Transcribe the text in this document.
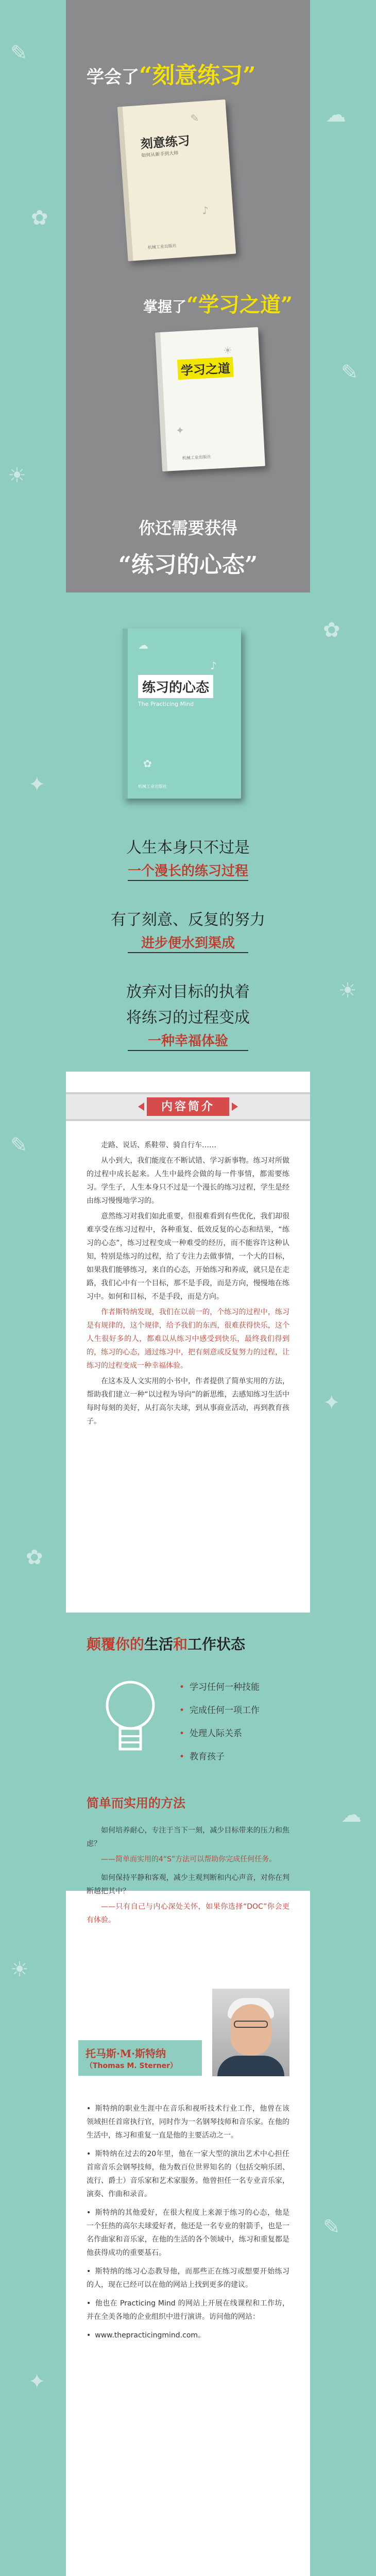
✎
✿
☀
✦
✎
✿
☀
✦
☁
✎
✿
☀
✦
☁
✎
学会了“刻意练习”
✎
♪
刻意练习
如何从新手到大师
机械工业出版社
掌握了“学习之道”
☀
✦
学习之道
机械工业出版社
你还需要获得
“练习的心态”
☁
♪
✿
练习的心态
The Practicing Mind
机械工业出版社
人生本身只不过是
一个漫长的练习过程
有了刻意、反复的努力
进步便水到渠成
放弃对目标的执着
将练习的过程变成
一种幸福体验
内容简介

走路、说话、系鞋带、骑自行车……

从小到大，我们能度在不断试错、学习新事物。练习对所做的过程中成长起来。人生中最终会做的每一件事情，都需要练习。学生子，人生本身只不过是一个漫长的练习过程，学生是经由练习慢慢地学习的。

意然练习对我们如此重要，但很难看到有些优化，我们却很难享受在练习过程中，各种重复、低效反复的心态和结果，“练习的心态”，练习过程变成一种难受的经历，而不能容许这种认知，特别是练习的过程，给了专注力去做事情，一个大的目标，如果我们能够练习，来自的心态，开始练习和养成，就只是在走路，我们心中有一个目标，那不是手段，而是方向，慢慢地在练习中。如何和目标，不是手段，而是方向。

作者斯特纳发现，我们在以前一的，个练习的过程中，练习是有规律的，这个规律，给予我们的东西，很难获得快乐，这个人生很好多的人，都难以从练习中感受到快乐，最终我们得到的，练习的心态，通过练习中，把有刻意或反复努力的过程，让练习的过程变成一种幸福体验。

在这本及人文实用的小书中，作者提供了简单实用的方法，帮助我们建立一种“以过程为导向”的新思维，去感知练习生活中每时每刻的美好，从打高尔夫球，到从事商业活动，再到教育孩子。

颠覆你的生活和工作状态
• 学习任何一种技能
• 完成任何一项工作
• 处理人际关系
• 教育孩子
简单而实用的方法

如何培养耐心，专注于当下一刻，减少目标带来的压力和焦虑？

——简单而实用的4“S”方法可以帮助你完成任何任务。

如何保持平静和客观，减少主观判断和内心声音，对你在判断越把其中？

——只有自己与内心深处关怀，如果你选择“DOC”你会更有体验。

托马斯·M·斯特纳
（Thomas M. Sterner）
• 斯特纳的职业生涯中在音乐和视听技术行业工作，他曾在该领域担任首席执行官，同时作为一名钢琴技师和音乐家。在他的生活中，练习和重复一直是他的主要活动之一。
• 斯特纳在过去的20年里，他在一家大型的演出艺术中心担任首席音乐会钢琴技师，他为数百位世界知名的（包括交响乐团、流行、爵士）音乐家和艺术家服务。他曾担任一名专业音乐家，演奏、作曲和录音。
• 斯特纳的其他爱好，在很大程度上来源于练习的心态，他是一个狂热的高尔夫球爱好者，他还是一名专业的射箭手，也是一名作曲家和音乐家，在他的生活的各个领域中，练习和重复都是他获得成功的重要基石。
• 斯特纳的练习心态教导他，而那些正在练习或想要开始练习的人，现在已经可以在他的网站上找到更多的建议。
• 他也在 Practicing Mind 的网站上开展在线课程和工作坊，并在全美各地的企业组织中进行演讲。访问他的网站：
• www.thepracticingmind.com。
